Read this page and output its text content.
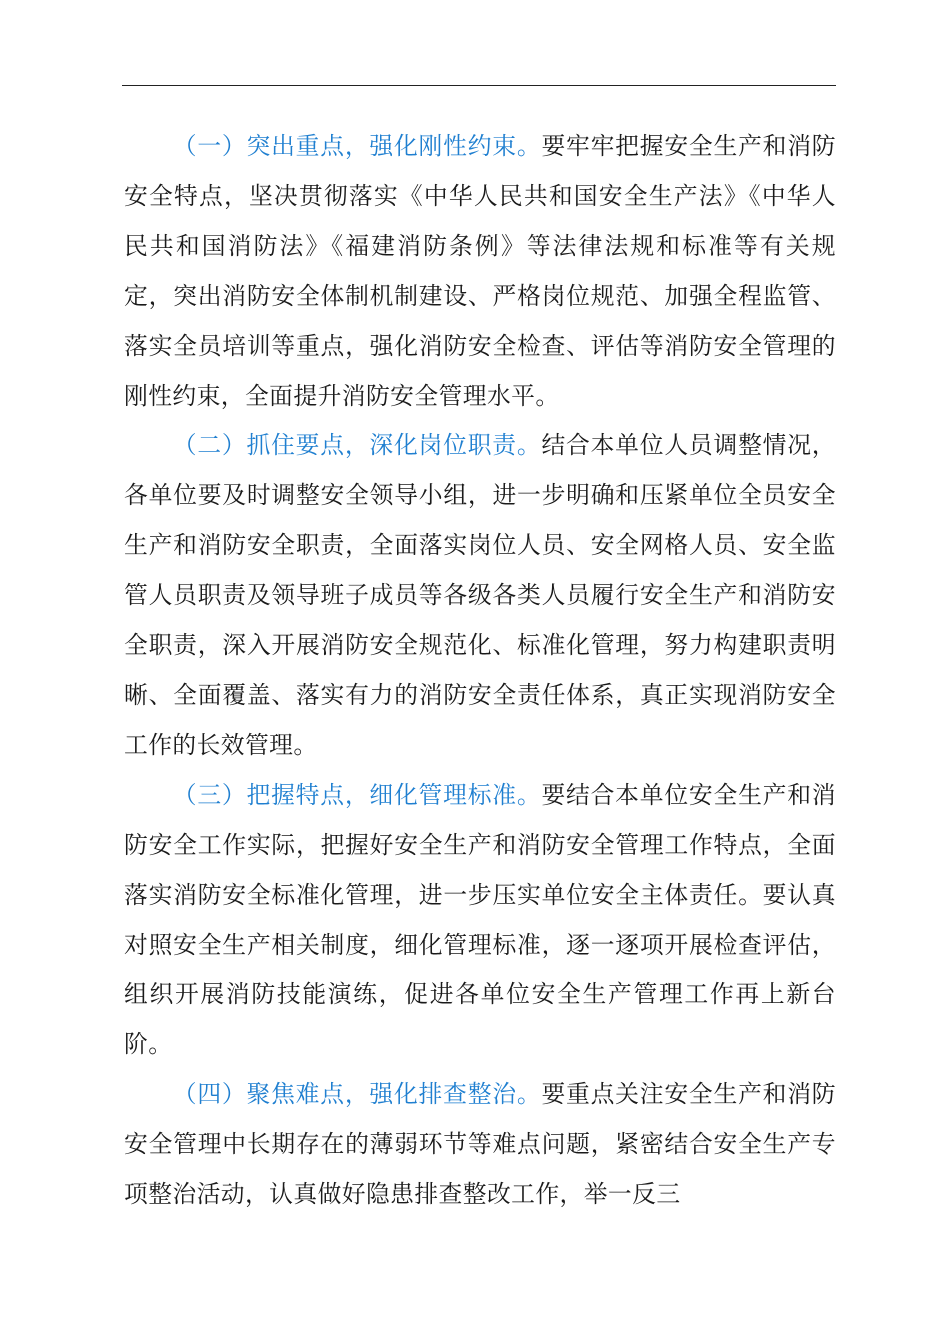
（一）突出重点，强化刚性约束。要牢牢把握安全生产和消防安全特点，坚决贯彻落实《中华人民共和国安全生产法》《中华人民共和国消防法》《福建消防条例》等法律法规和标准等有关规定，突出消防安全体制机制建设、严格岗位规范、加强全程监管、落实全员培训等重点，强化消防安全检查、评估等消防安全管理的刚性约束，全面提升消防安全管理水平。

（二）抓住要点，深化岗位职责。结合本单位人员调整情况，各单位要及时调整安全领导小组，进一步明确和压紧单位全员安全生产和消防安全职责，全面落实岗位人员、安全网格人员、安全监管人员职责及领导班子成员等各级各类人员履行安全生产和消防安全职责，深入开展消防安全规范化、标准化管理，努力构建职责明晰、全面覆盖、落实有力的消防安全责任体系，真正实现消防安全工作的长效管理。

（三）把握特点，细化管理标准。要结合本单位安全生产和消防安全工作实际，把握好安全生产和消防安全管理工作特点，全面落实消防安全标准化管理，进一步压实单位安全主体责任。要认真对照安全生产相关制度，细化管理标准，逐一逐项开展检查评估，组织开展消防技能演练，促进各单位安全生产管理工作再上新台阶。

（四）聚焦难点，强化排查整治。要重点关注安全生产和消防安全管理中长期存在的薄弱环节等难点问题，紧密结合安全生产专项整治活动，认真做好隐患排查整改工作，举一反三
